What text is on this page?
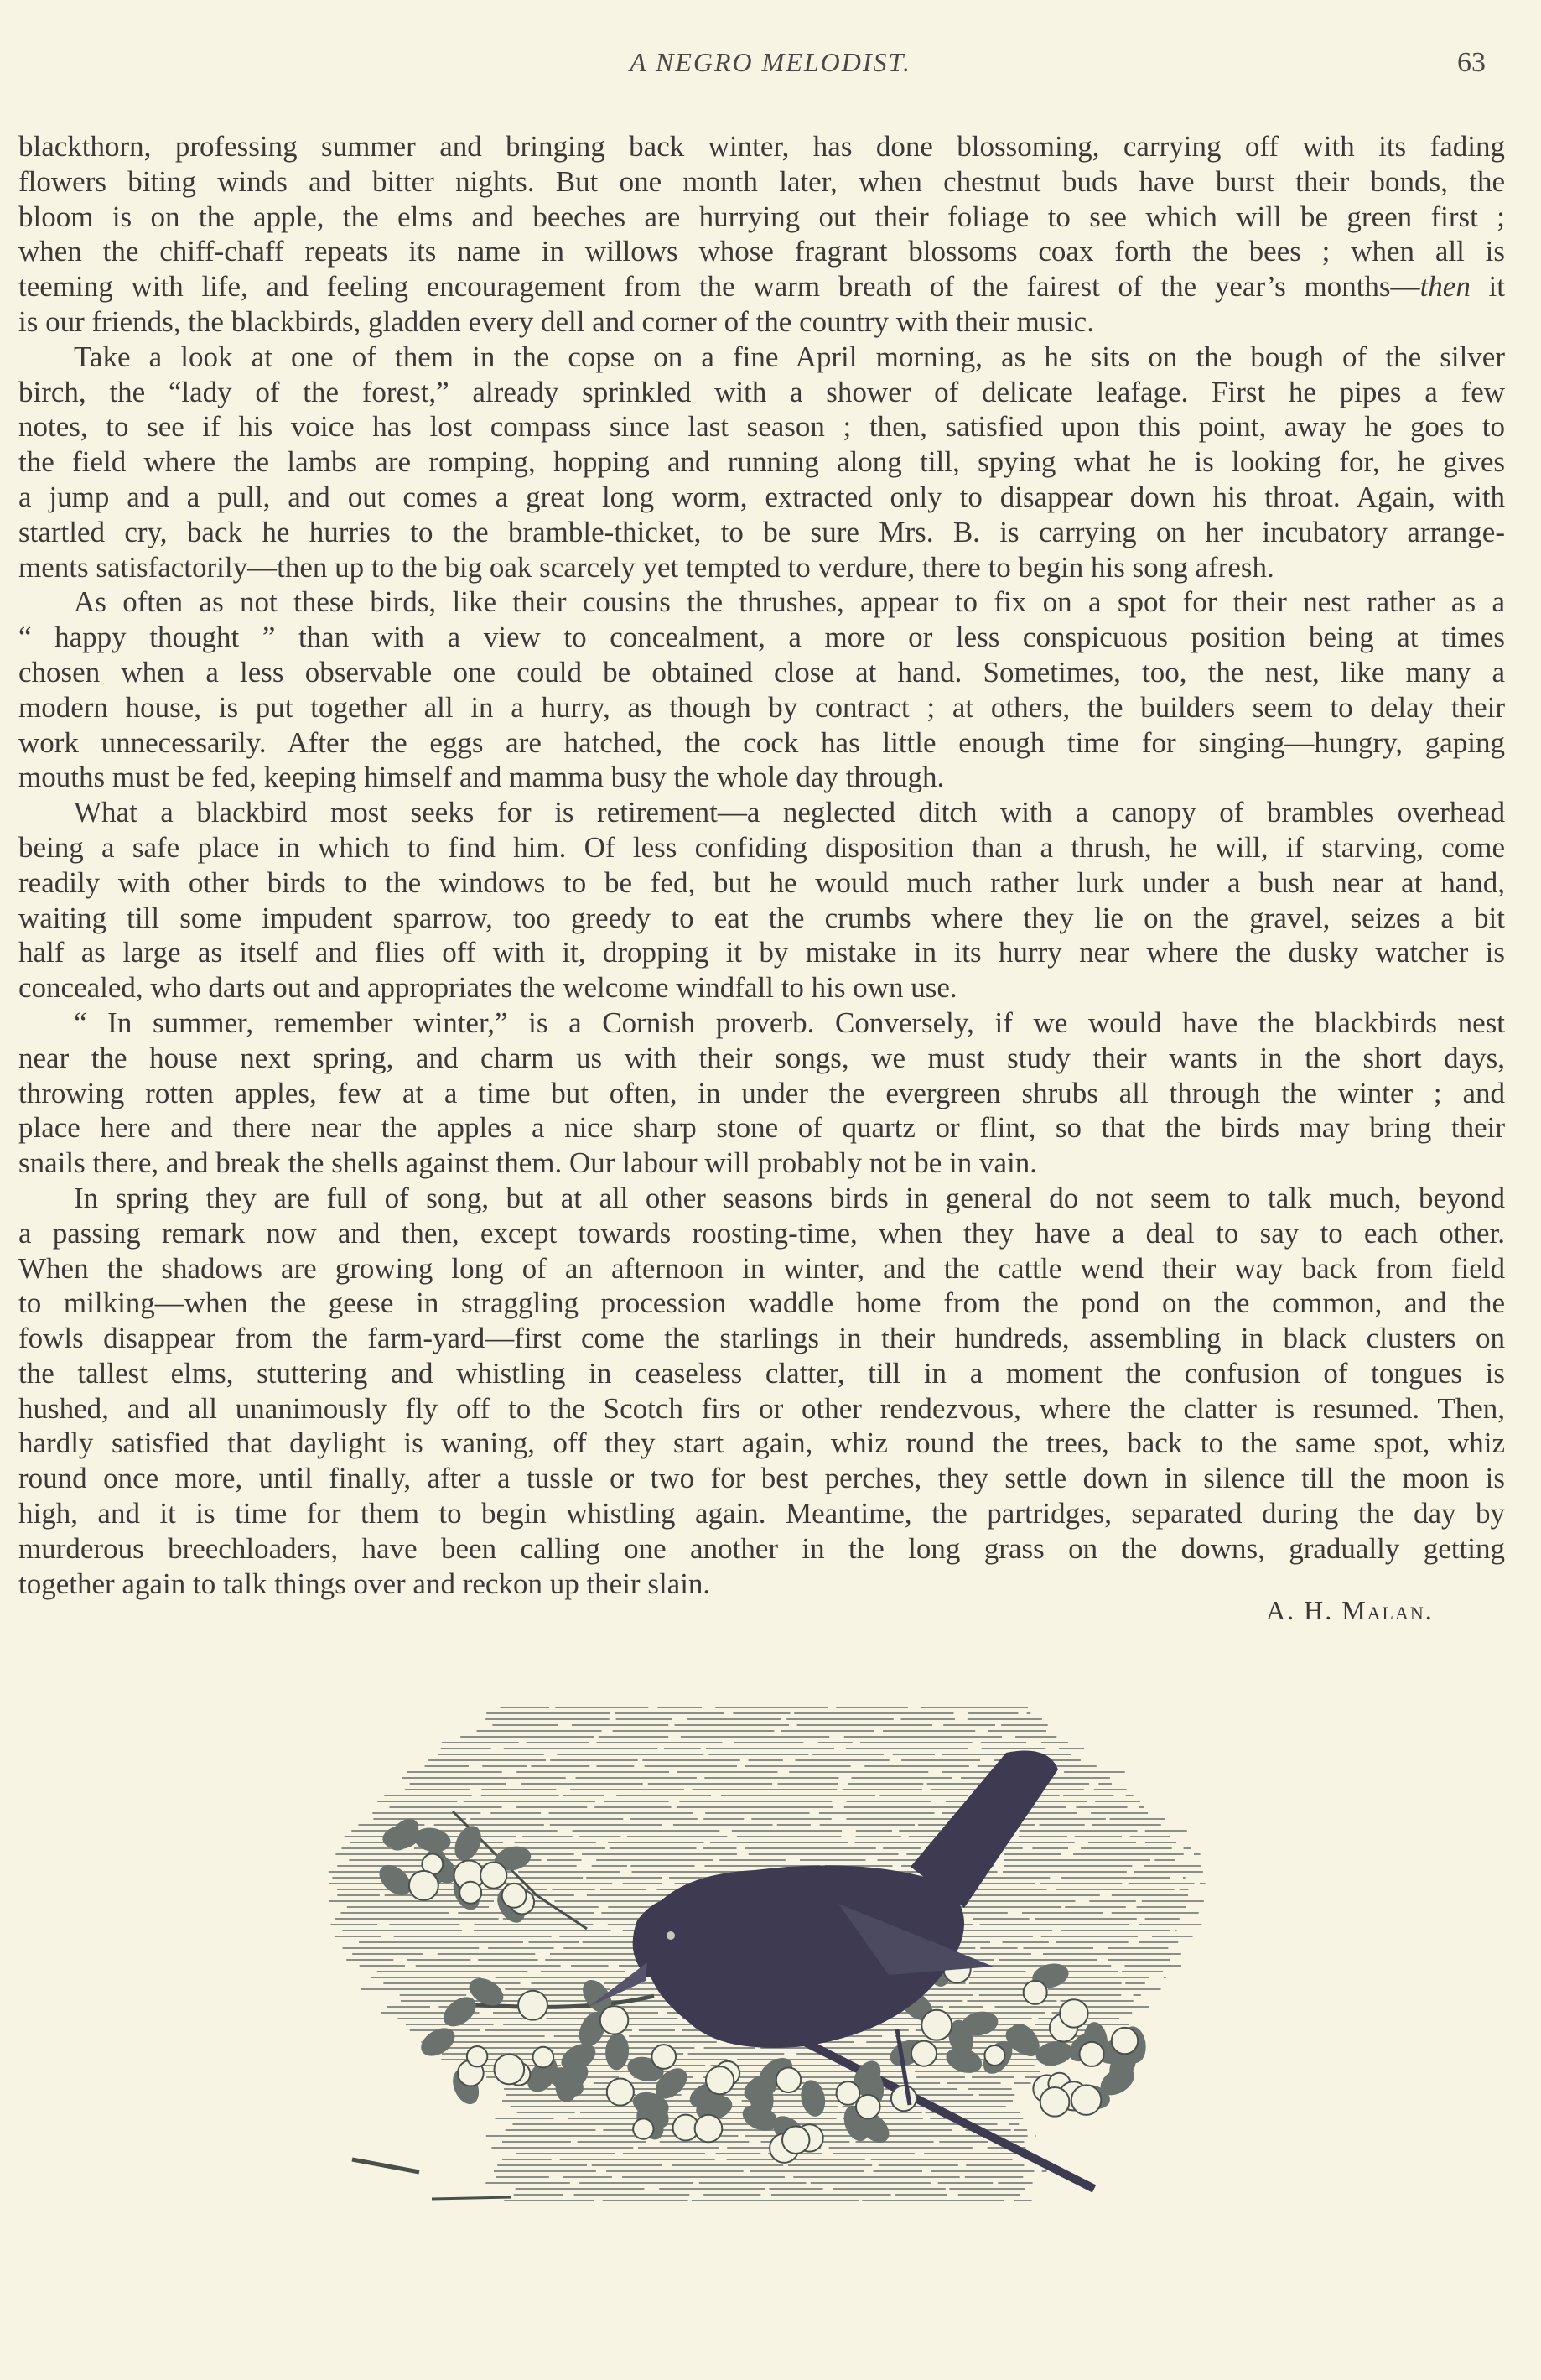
A NEGRO MELODIST.	63
blackthorn, professing summer and bringing back winter, has done blossoming, carrying off with its fading
flowers biting winds and bitter nights. But one month later, when chestnut buds have burst their bonds, the
bloom is on the apple, the elms and beeches are hurrying out their foliage to see which will be green first ;
when the chiff-chaff repeats its name in willows whose fragrant blossoms coax forth the bees ; when all is
teeming with life, and feeling encouragement from the warm breath of the fairest of the year’s months—then it
is our friends, the blackbirds, gladden every dell and corner of the country with their music.
Take a look at one of them in the copse on a fine April morning, as he sits on the bough of the silver
birch, the “lady of the forest,” already sprinkled with a shower of delicate leafage. First he pipes a few
notes, to see if his voice has lost compass since last season ; then, satisfied upon this point, away he goes to
the field where the lambs are romping, hopping and running along till, spying what he is looking for, he gives
a jump and a pull, and out comes a great long worm, extracted only to disappear down his throat. Again, with
startled cry, back he hurries to the bramble-thicket, to be sure Mrs. B. is carrying on her incubatory arrange-
ments satisfactorily—then up to the big oak scarcely yet tempted to verdure, there to begin his song afresh.
As often as not these birds, like their cousins the thrushes, appear to fix on a spot for their nest rather as a
“ happy thought ” than with a view to concealment, a more or less conspicuous position being at times
chosen when a less observable one could be obtained close at hand. Sometimes, too, the nest, like many a
modern house, is put together all in a hurry, as though by contract ; at others, the builders seem to delay their
work unnecessarily. After the eggs are hatched, the cock has little enough time for singing—hungry, gaping
mouths must be fed, keeping himself and mamma busy the whole day through.
What a blackbird most seeks for is retirement—a neglected ditch with a canopy of brambles overhead
being a safe place in which to find him. Of less confiding disposition than a thrush, he will, if starving, come
readily with other birds to the windows to be fed, but he would much rather lurk under a bush near at hand,
waiting till some impudent sparrow, too greedy to eat the crumbs where they lie on the gravel, seizes a bit
half as large as itself and flies off with it, dropping it by mistake in its hurry near where the dusky watcher is
concealed, who darts out and appropriates the welcome windfall to his own use.
“ In summer, remember winter,” is a Cornish proverb. Conversely, if we would have the blackbirds nest
near the house next spring, and charm us with their songs, we must study their wants in the short days,
throwing rotten apples, few at a time but often, in under the evergreen shrubs all through the winter ; and
place here and there near the apples a nice sharp stone of quartz or flint, so that the birds may bring their
snails there, and break the shells against them. Our labour will probably not be in vain.
In spring they are full of song, but at all other seasons birds in general do not seem to talk much, beyond
a passing remark now and then, except towards roosting-time, when they have a deal to say to each other.
When the shadows are growing long of an afternoon in winter, and the cattle wend their way back from field
to milking—when the geese in straggling procession waddle home from the pond on the common, and the
fowls disappear from the farm-yard—first come the starlings in their hundreds, assembling in black clusters on
the tallest elms, stuttering and whistling in ceaseless clatter, till in a moment the confusion of tongues is
hushed, and all unanimously fly off to the Scotch firs or other rendezvous, where the clatter is resumed. Then,
hardly satisfied that daylight is waning, off they start again, whiz round the trees, back to the same spot, whiz
round once more, until finally, after a tussle or two for best perches, they settle down in silence till the moon is
high, and it is time for them to begin whistling again. Meantime, the partridges, separated during the day by
murderous breechloaders, have been calling one another in the long grass on the downs, gradually getting
together again to talk things over and reckon up their slain.
A. H. Malan.
